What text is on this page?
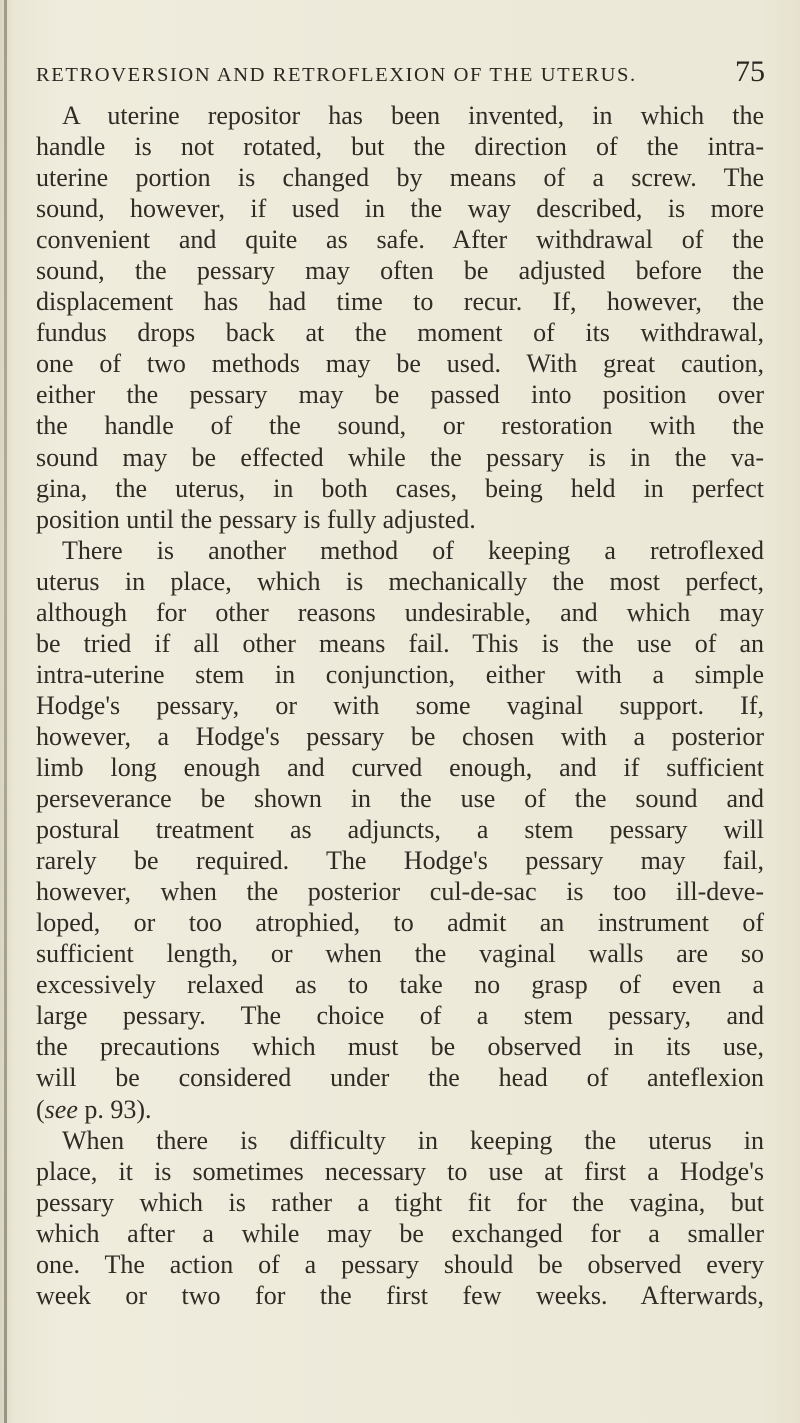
RETROVERSION AND RETROFLEXION OF THE UTERUS.	75
A uterine repositor has been invented, in which the
handle is not rotated, but the direction of the intra-
uterine portion is changed by means of a screw. The
sound, however, if used in the way described, is more
convenient and quite as safe. After withdrawal of the
sound, the pessary may often be adjusted before the
displacement has had time to recur. If, however, the
fundus drops back at the moment of its withdrawal,
one of two methods may be used. With great caution,
either the pessary may be passed into position over
the handle of the sound, or restoration with the
sound may be effected while the pessary is in the va-
gina, the uterus, in both cases, being held in perfect
position until the pessary is fully adjusted.
There is another method of keeping a retroflexed
uterus in place, which is mechanically the most perfect,
although for other reasons undesirable, and which may
be tried if all other means fail. This is the use of an
intra-uterine stem in conjunction, either with a simple
Hodge's pessary, or with some vaginal support. If,
however, a Hodge's pessary be chosen with a posterior
limb long enough and curved enough, and if sufficient
perseverance be shown in the use of the sound and
postural treatment as adjuncts, a stem pessary will
rarely be required. The Hodge's pessary may fail,
however, when the posterior cul-de-sac is too ill-deve-
loped, or too atrophied, to admit an instrument of
sufficient length, or when the vaginal walls are so
excessively relaxed as to take no grasp of even a
large pessary. The choice of a stem pessary, and
the precautions which must be observed in its use,
will be considered under the head of anteflexion
(see p. 93).
When there is difficulty in keeping the uterus in
place, it is sometimes necessary to use at first a Hodge's
pessary which is rather a tight fit for the vagina, but
which after a while may be exchanged for a smaller
one. The action of a pessary should be observed every
week or two for the first few weeks. Afterwards,
